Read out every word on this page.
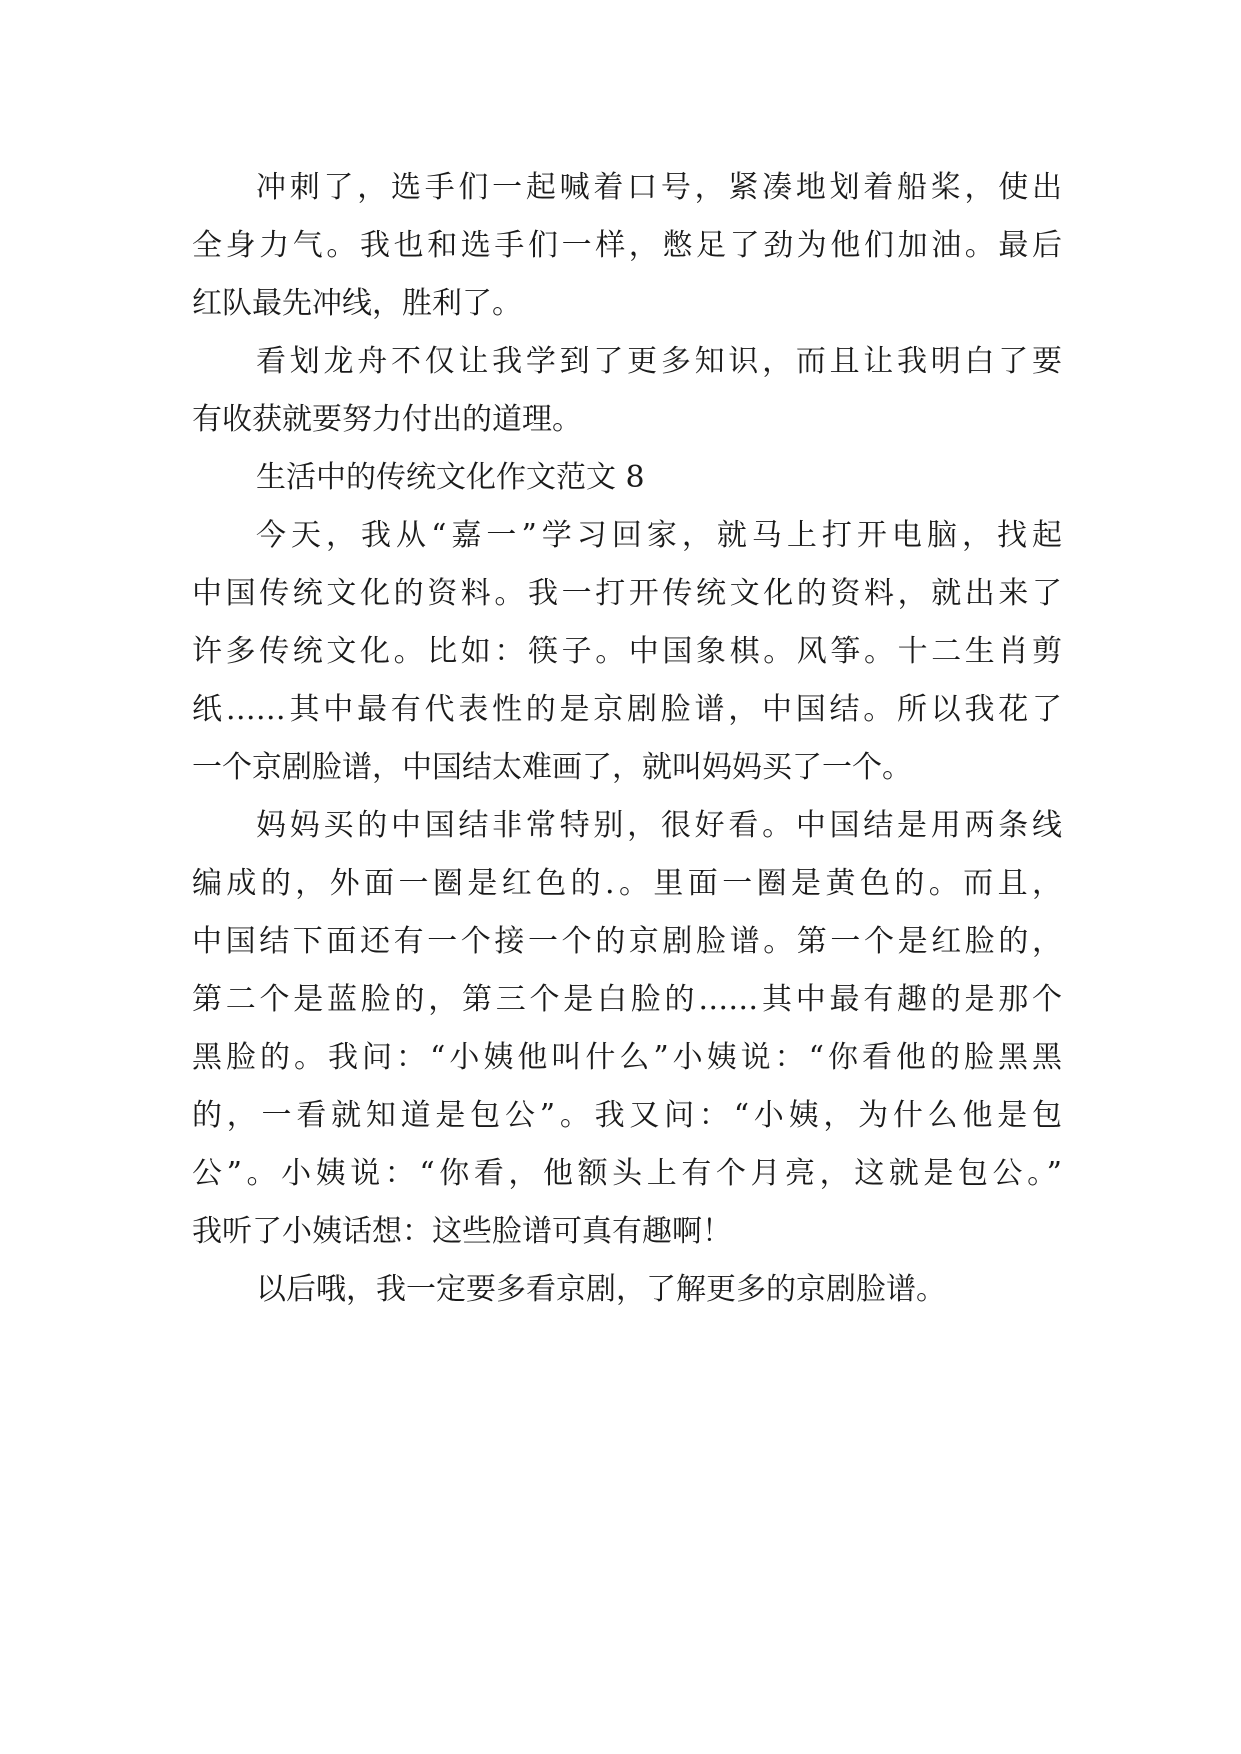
冲刺了，选手们一起喊着口号，紧凑地划着船桨，使出
全身力气。我也和选手们一样，憋足了劲为他们加油。最后
红队最先冲线，胜利了。
看划龙舟不仅让我学到了更多知识，而且让我明白了要
有收获就要努力付出的道理。
生活中的传统文化作文范文 8
今天，我从“嘉一”学习回家，就马上打开电脑，找起
中国传统文化的资料。我一打开传统文化的资料，就出来了
许多传统文化。比如：筷子。中国象棋。风筝。十二生肖剪
纸……其中最有代表性的是京剧脸谱，中国结。所以我花了
一个京剧脸谱，中国结太难画了，就叫妈妈买了一个。
妈妈买的中国结非常特别，很好看。中国结是用两条线
编成的，外面一圈是红色的.。里面一圈是黄色的。而且，
中国结下面还有一个接一个的京剧脸谱。第一个是红脸的，
第二个是蓝脸的，第三个是白脸的……其中最有趣的是那个
黑脸的。我问：“小姨他叫什么”小姨说：“你看他的脸黑黑
的，一看就知道是包公”。我又问：“小姨，为什么他是包
公”。小姨说：“你看，他额头上有个月亮，这就是包公。”
我听了小姨话想：这些脸谱可真有趣啊！
以后哦，我一定要多看京剧，了解更多的京剧脸谱。
